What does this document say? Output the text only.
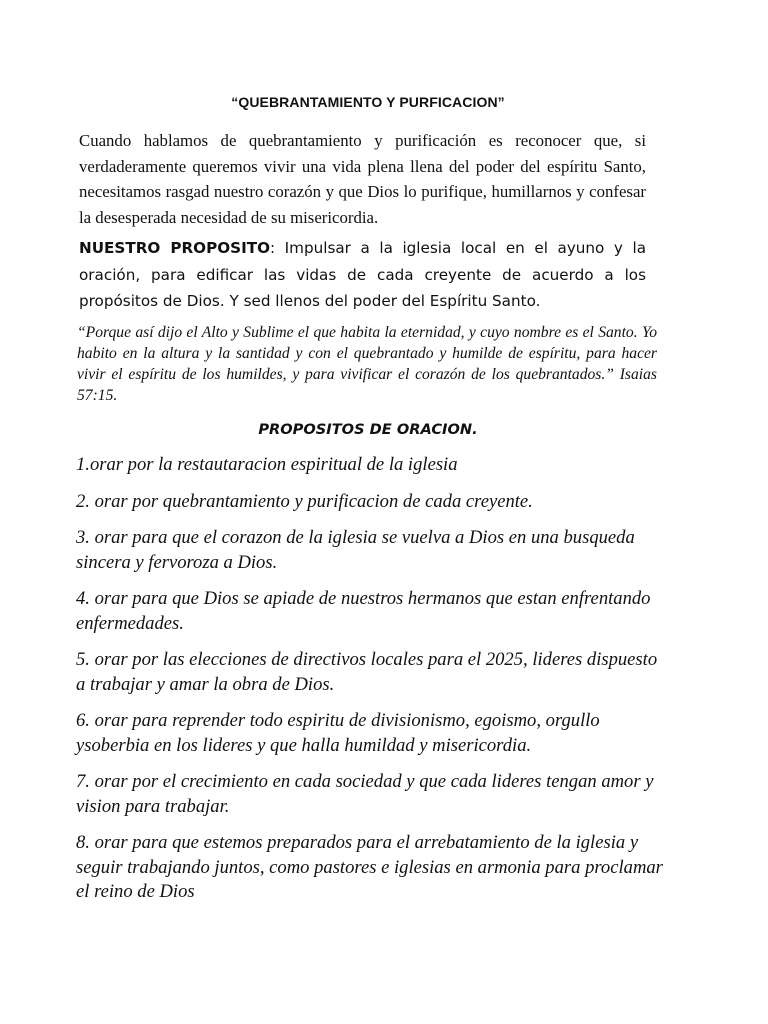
“QUEBRANTAMIENTO Y PURFICACION”

Cuando hablamos de quebrantamiento y purificación es reconocer que, si verdaderamente queremos vivir una vida plena llena del poder del espíritu Santo, necesitamos rasgad nuestro corazón y que Dios lo purifique, humillarnos y confesar la desesperada necesidad de su misericordia.

NUESTRO PROPOSITO: Impulsar a la iglesia local en el ayuno y la oración, para edificar las vidas de cada creyente de acuerdo a los propósitos de Dios. Y sed llenos del poder del Espíritu Santo.

“Porque así dijo el Alto y Sublime el que habita la eternidad, y cuyo nombre es el Santo. Yo habito en la altura y la santidad y con el quebrantado y humilde de espíritu, para hacer vivir el espíritu de los humildes, y para vivificar el corazón de los quebrantados.” Isaias 57:15.

PROPOSITOS DE ORACION.
1.orar por la restautaracion espiritual de la iglesia
2. orar por quebrantamiento y purificacion de cada creyente.
3. orar para que el corazon de la iglesia se vuelva a Dios en una busqueda sincera y fervoroza a Dios.
4. orar para que Dios se apiade de nuestros hermanos que estan enfrentando enfermedades.
5. orar por las elecciones de directivos locales para el 2025, lideres dispuesto a trabajar y amar la obra de Dios.
6. orar para reprender todo espiritu de divisionismo, egoismo, orgullo ysoberbia en los lideres y que halla humildad y misericordia.
7. orar por el crecimiento en cada sociedad y que cada lideres tengan amor y vision para trabajar.
8. orar para que estemos preparados para el arrebatamiento de la iglesia y seguir trabajando juntos, como pastores e iglesias en armonia para proclamar el reino de Dios
